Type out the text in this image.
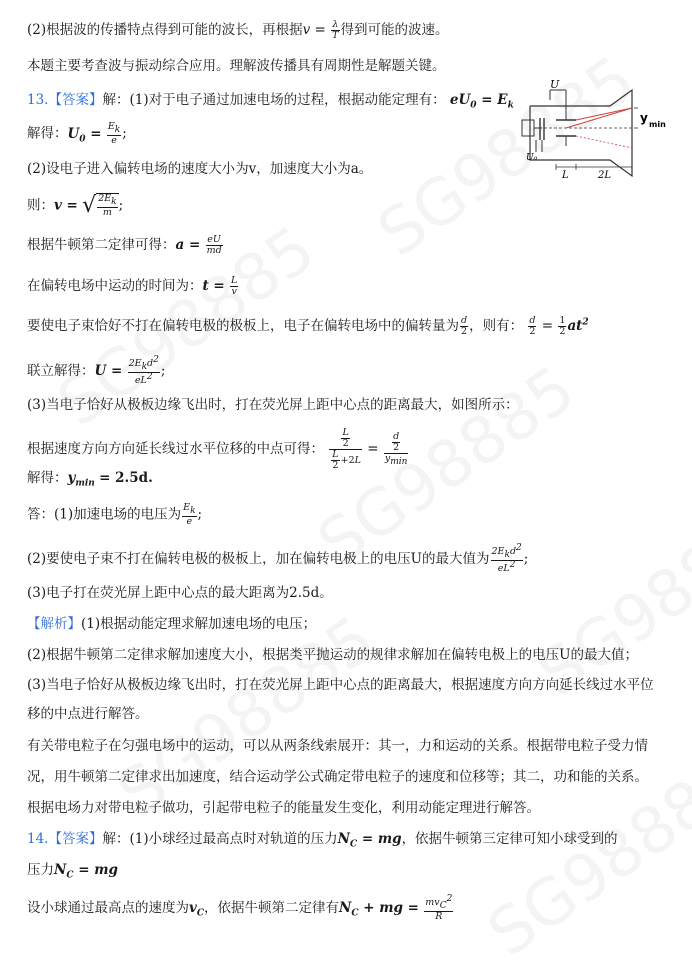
(2)根据波的传播特点得到可能的波长，再根据$v = \frac{\lambda}{T}$ 得到可能的波速。
本题主要考查波与振动综合应用。理解波传播具有周期性是解题关键。
13.【答案】解：(1)对于电子通过加速电场的过程，根据动能定理有： $eU_0 = E_k$
解得：$U_0 = \frac{E_k}{e}$ ;
(2)设电子进入偏转电场的速度大小为v，加速度大小为a。
则：v = √ $\frac{2E_k}{m}$ ;
根据牛顿第二定律可得：$a = \frac{eU}{md}$
在偏转电场中运动的时间为：$t = \frac{L}{v}$
要使电子束恰好不打在偏转电极的极板上，电子在偏转电场中的偏转量为 $\frac{d}{2}$ ，则有： $\frac{d}{2} = \frac{1}{2} at^2$
联立解得：$U = \frac{2E_kd^2}{eL^2}$ ;
(3)当电子恰好从极板边缘飞出时，打在荧光屏上距中心点的距离最大，如图所示：
根据速度方向方向延长线过水平位移的中点可得： $\frac{\frac{L}{2}}{\frac{L}{2} +2L} = \frac{\frac{d}{2}}{y_{min}}$
解得：$y_{min} = 2.5d$.
答：(1)加速电场的电压为 $\frac{E_k}{e}$ ;
(2)要使电子束不打在偏转电极的极板上，加在偏转电极上的电压U的最大值为 $\frac{2E_kd^2}{eL^2}$ ;
(3)电子打在荧光屏上距中心点的最大距离为2.5d。
【解析】(1)根据动能定理求解加速电场的电压；
(2)根据牛顿第二定律求解加速度大小，根据类平抛运动的规律求解加在偏转电极上的电压U的最大值；
(3)当电子恰好从极板边缘飞出时，打在荧光屏上距中心点的距离最大，根据速度方向方向延长线过水平位
移的中点进行解答。
有关带电粒子在匀强电场中的运动，可以从两条线索展开：其一，力和运动的关系。根据带电粒子受力情
况，用牛顿第二定律求出加速度，结合运动学公式确定带电粒子的速度和位移等；其二，功和能的关系。
根据电场力对带电粒子做功，引起带电粒子的能量发生变化，利用动能定理进行解答。
14.【答案】解：(1)小球经过最高点时对轨道的压力$N_C$ = mg，依据牛顿第三定律可知小球受到的
压力$N_C$ = mg
设小球通过最高点的速度为$v_C$，依据牛顿第二定律有$N_C$ + mg = $\frac{mv_C^2}{R}$
U
U₀
L	2L
y min
